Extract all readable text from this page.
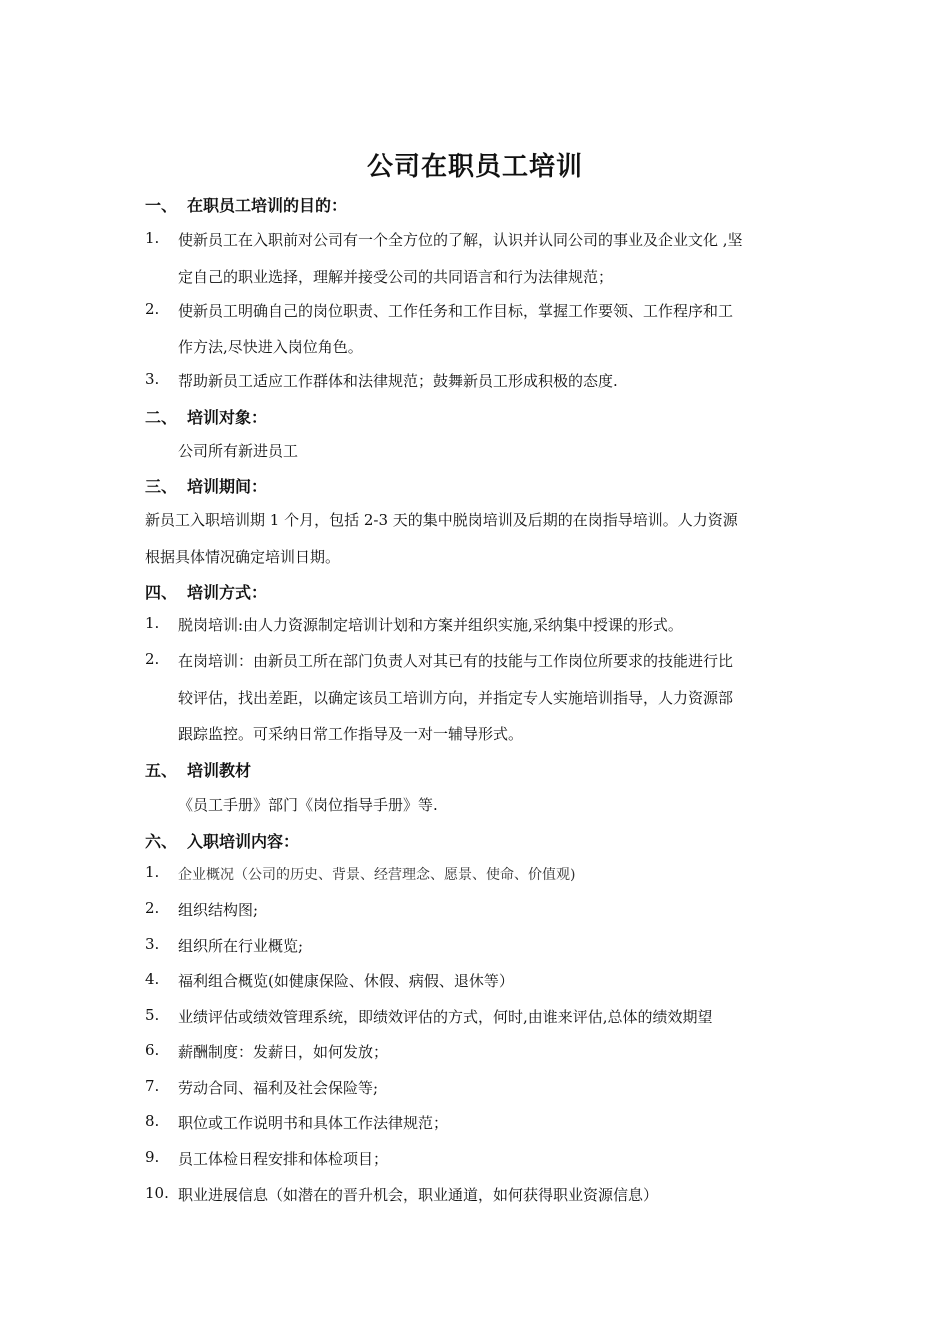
公司在职员工培训
一、 在职员工培训的目的：
1. 使新员工在入职前对公司有一个全方位的了解，认识并认同公司的事业及企业文化 ,坚
定自己的职业选择，理解并接受公司的共同语言和行为法律规范；
2. 使新员工明确自己的岗位职责、工作任务和工作目标，掌握工作要领、工作程序和工
作方法,尽快进入岗位角色。
3. 帮助新员工适应工作群体和法律规范；鼓舞新员工形成积极的态度.
二、 培训对象：
公司所有新进员工
三、 培训期间：
新员工入职培训期 1 个月，包括 2-3 天的集中脱岗培训及后期的在岗指导培训。人力资源
根据具体情况确定培训日期。
四、 培训方式：
1. 脱岗培训:由人力资源制定培训计划和方案并组织实施,采纳集中授课的形式。
2. 在岗培训：由新员工所在部门负责人对其已有的技能与工作岗位所要求的技能进行比
较评估，找出差距，以确定该员工培训方向，并指定专人实施培训指导，人力资源部
跟踪监控。可采纳日常工作指导及一对一辅导形式。
五、 培训教材
《员工手册》部门《岗位指导手册》等.
六、 入职培训内容：
1. 企业概况（公司的历史、背景、经营理念、愿景、使命、价值观)
2. 组织结构图;
3. 组织所在行业概览;
4. 福利组合概览(如健康保险、休假、病假、退休等）
5. 业绩评估或绩效管理系统，即绩效评估的方式，何时,由谁来评估,总体的绩效期望
6. 薪酬制度：发薪日，如何发放；
7. 劳动合同、福利及社会保险等;
8. 职位或工作说明书和具体工作法律规范；
9. 员工体检日程安排和体检项目；
10. 职业进展信息（如潜在的晋升机会，职业通道，如何获得职业资源信息）
